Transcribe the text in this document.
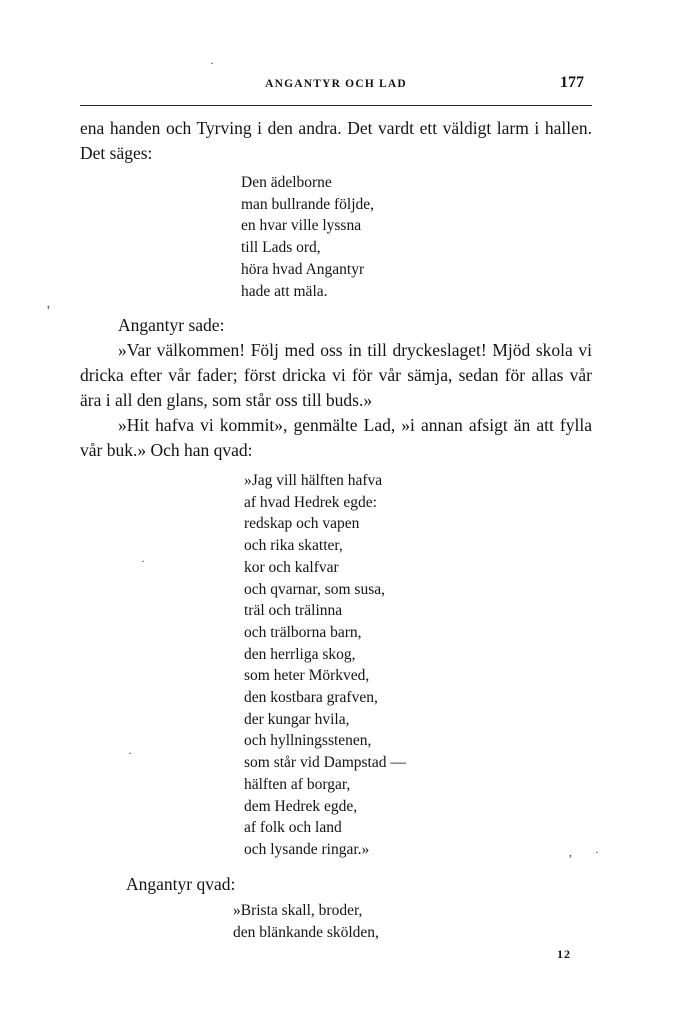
ANGANTYR OCH LAD	177

ena handen och Tyrving i den andra. Det vardt ett väldigt larm i hallen. Det säges:

Den ädelborne
man bullrande följde,
en hvar ville lyssna
till Lads ord,
höra hvad Angantyr
hade att mäla.

Angantyr sade:

»Var välkommen! Följ med oss in till dryckeslaget! Mjöd skola vi dricka efter vår fader; först dricka vi för vår sämja, sedan för allas vår ära i all den glans, som står oss till buds.»

»Hit hafva vi kommit», genmälte Lad, »i annan afsigt än att fylla vår buk.» Och han qvad:

»Jag vill hälften hafva
af hvad Hedrek egde:
redskap och vapen
och rika skatter,
kor och kalfvar
och qvarnar, som susa,
träl och trälinna
och trälborna barn,
den herrliga skog,
som heter Mörkved,
den kostbara grafven,
der kungar hvila,
och hyllningsstenen,
som står vid Dampstad —
hälften af borgar,
dem Hedrek egde,
af folk och land
och lysande ringar.»

Angantyr qvad:

»Brista skall, broder,
den blänkande skölden,
12
·
'
·
·
, ·
